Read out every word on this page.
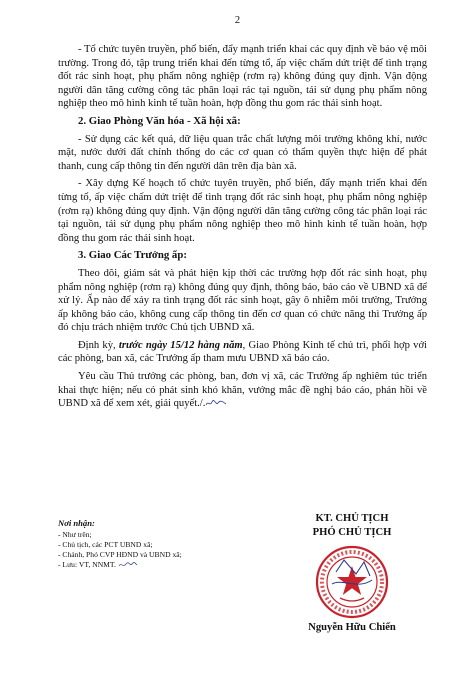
2

- Tổ chức tuyên truyền, phổ biến, đẩy mạnh triển khai các quy định về bảo vệ môi trường. Trong đó, tập trung triển khai đến từng tổ, ấp việc chấm dứt triệt để tình trạng đốt rác sinh hoạt, phụ phẩm nông nghiệp (rơm rạ) không đúng quy định. Vận động người dân tăng cường công tác phân loại rác tại nguồn, tái sử dụng phụ phẩm nông nghiệp theo mô hình kinh tế tuần hoàn, hợp đồng thu gom rác thải sinh hoạt.

2. Giao Phòng Văn hóa - Xã hội xã:

- Sử dụng các kết quả, dữ liệu quan trắc chất lượng môi trường không khí, nước mặt, nước dưới đất chính thống do các cơ quan có thẩm quyền thực hiện để phát thanh, cung cấp thông tin đến người dân trên địa bàn xã.

- Xây dựng Kế hoạch tổ chức tuyên truyền, phổ biến, đẩy mạnh triển khai đến từng tổ, ấp việc chấm dứt triệt để tình trạng đốt rác sinh hoạt, phụ phẩm nông nghiệp (rơm rạ) không đúng quy định. Vận động người dân tăng cường công tác phân loại rác tại nguồn, tái sử dụng phụ phẩm nông nghiệp theo mô hình kinh tế tuần hoàn, hợp đồng thu gom rác thải sinh hoạt.

3. Giao Các Trưởng ấp:

Theo dõi, giám sát và phát hiện kịp thời các trường hợp đốt rác sinh hoạt, phụ phẩm nông nghiệp (rơm rạ) không đúng quy định, thông báo, báo cáo về UBND xã để xử lý. Ấp nào để xảy ra tình trạng đốt rác sinh hoạt, gây ô nhiễm môi trường, Trưởng ấp không báo cáo, không cung cấp thông tin đến cơ quan có chức năng thì Trưởng ấp đó chịu trách nhiệm trước Chủ tịch UBND xã.

Định kỳ, trước ngày 15/12 hàng năm, Giao Phòng Kinh tế chủ trì, phối hợp với các phòng, ban xã, các Trưởng ấp tham mưu UBND xã báo cáo.

Yêu cầu Thủ trưởng các phòng, ban, đơn vị xã, các Trưởng ấp nghiêm túc triển khai thực hiện; nếu có phát sinh khó khăn, vướng mắc đề nghị báo cáo, phản hồi về UBND xã để xem xét, giải quyết./.

Nơi nhận:
- Như trên;
- Chủ tịch, các PCT UBND xã;
- Chánh, Phó CVP HĐND và UBND xã;
- Lưu: VT, NNMT.
KT. CHỦ TỊCH
PHÓ CHỦ TỊCH
Nguyễn Hữu Chiến
